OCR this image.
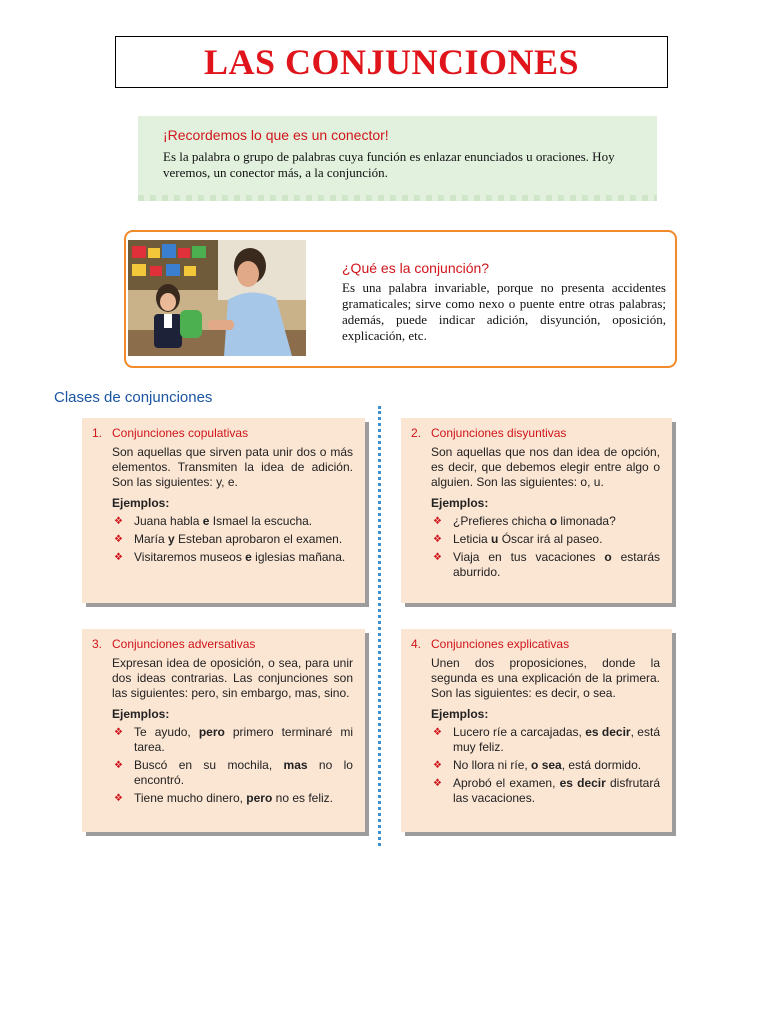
LAS CONJUNCIONES
¡Recordemos lo que es un conector!

Es la palabra o grupo de palabras cuya función es enlazar enunciados u oraciones. Hoy veremos, un conector más, a la conjunción.

¿Qué es la conjunción?

Es una palabra invariable, porque no presenta accidentes gramaticales; sirve como nexo o puente entre otras palabras; además, puede indicar adición, disyunción, oposición, explicación, etc.

Clases de conjunciones
1. Conjunciones copulativas
Son aquellas que sirven pata unir dos o más elementos. Transmiten la idea de adición. Son las siguientes: y, e.
Ejemplos:
❖ Juana habla e Ismael la escucha.
❖ María y Esteban aprobaron el examen.
❖ Visitaremos museos e iglesias mañana.
2. Conjunciones disyuntivas
Son aquellas que nos dan idea de opción, es decir, que debemos elegir entre algo o alguien. Son las siguientes: o, u.
Ejemplos:
❖ ¿Prefieres chicha o limonada?
❖ Leticia u Óscar irá al paseo.
❖ Viaja en tus vacaciones o estarás aburrido.
3. Conjunciones adversativas
Expresan idea de oposición, o sea, para unir dos ideas contrarias. Las conjunciones son las siguientes: pero, sin embargo, mas, sino.
Ejemplos:
❖ Te ayudo, pero primero terminaré mi tarea.
❖ Buscó en su mochila, mas no lo encontró.
❖ Tiene mucho dinero, pero no es feliz.
4. Conjunciones explicativas
Unen dos proposiciones, donde la segunda es una explicación de la primera. Son las siguientes: es decir, o sea.
Ejemplos:
❖ Lucero ríe a carcajadas, es decir, está muy feliz.
❖ No llora ni ríe, o sea, está dormido.
❖ Aprobó el examen, es decir disfrutará las vacaciones.
